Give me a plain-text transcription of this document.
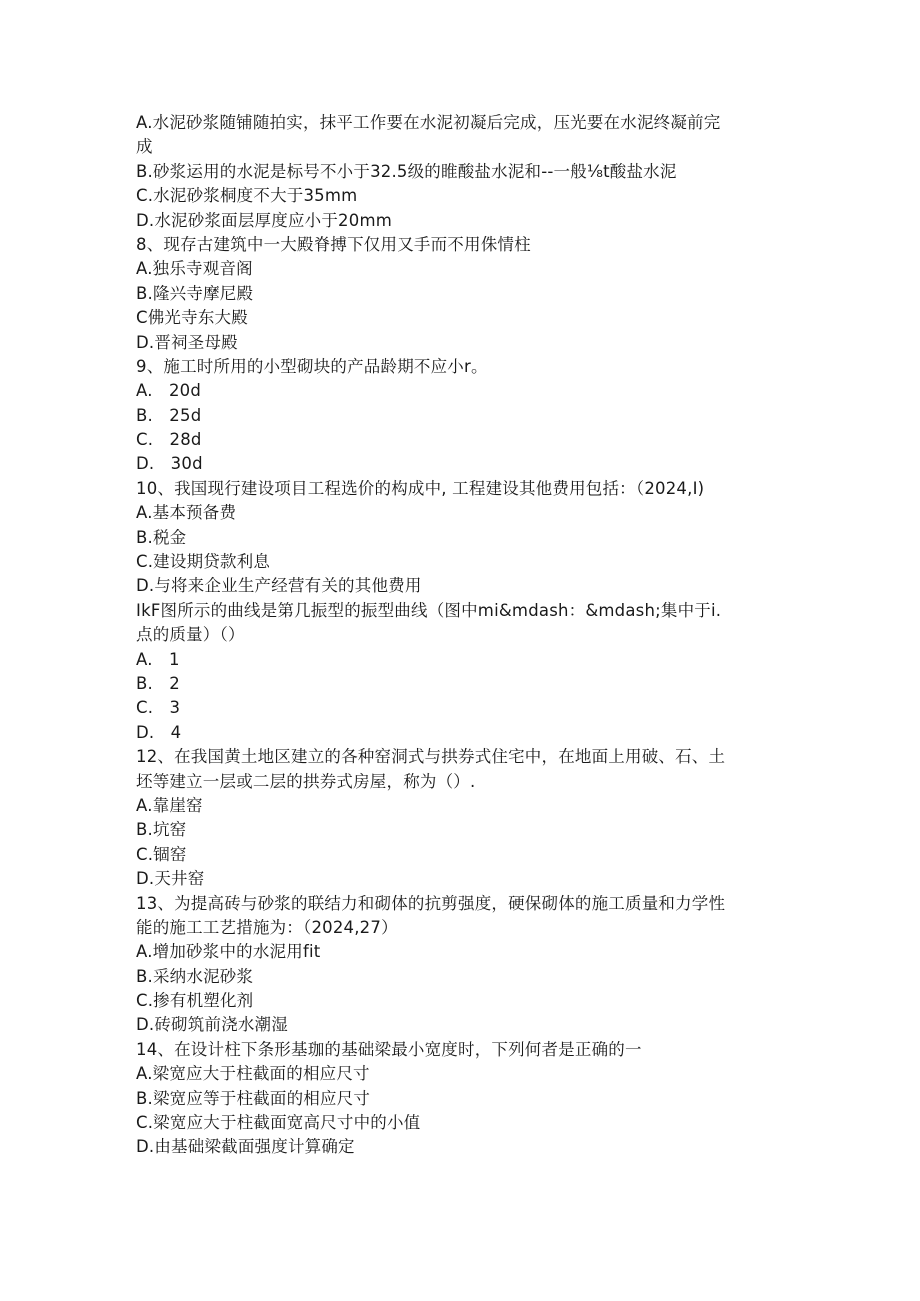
A.水泥砂浆随铺随拍实，抹平工作要在水泥初凝后完成，压光要在水泥终凝前完
成
B.砂浆运用的水泥是标号不小于32.5级的睢酸盐水泥和--一般⅛t酸盐水泥
C.水泥砂浆桐度不大于35mm
D.水泥砂浆面层厚度应小于20mm
8、现存古建筑中一大殿脊搏下仅用又手而不用侏情柱
A.独乐寺观音阁
B.隆兴寺摩尼殿
C佛光寺东大殿
D.晋祠圣母殿
9、施工时所用的小型砌块的产品龄期不应小r。
A.   20d
B.   25d
C.   28d
D.   30d
10、我国现行建设项目工程选价的构成中, 工程建设其他费用包括：（2024,I)
A.基本预备费
B.税金
C.建设期贷款利息
D.与将来企业生产经营有关的其他费用
IkF图所示的曲线是第几振型的振型曲线（图中mi&mdash：&mdash;集中于i.
点的质量）（）
A.   1
B.   2
C.   3
D.   4
12、在我国黄土地区建立的各种窑洞式与拱券式住宅中，在地面上用破、石、土
坯等建立一层或二层的拱券式房屋，称为（）.
A.靠崖窑
B.坑窑
C.锢窑
D.天井窑
13、为提高砖与砂浆的联结力和砌体的抗剪强度，硬保砌体的施工质量和力学性
能的施工工艺措施为：（2024,27）
A.增加砂浆中的水泥用fit
B.采纳水泥砂浆
C.掺有机塑化剂
D.砖砌筑前浇水潮湿
14、在设计柱下条形基珈的基础梁最小宽度时，下列何者是正确的一
A.梁宽应大于柱截面的相应尺寸
B.梁宽应等于柱截面的相应尺寸
C.梁宽应大于柱截面宽高尺寸中的小值
D.由基础梁截面强度计算确定
